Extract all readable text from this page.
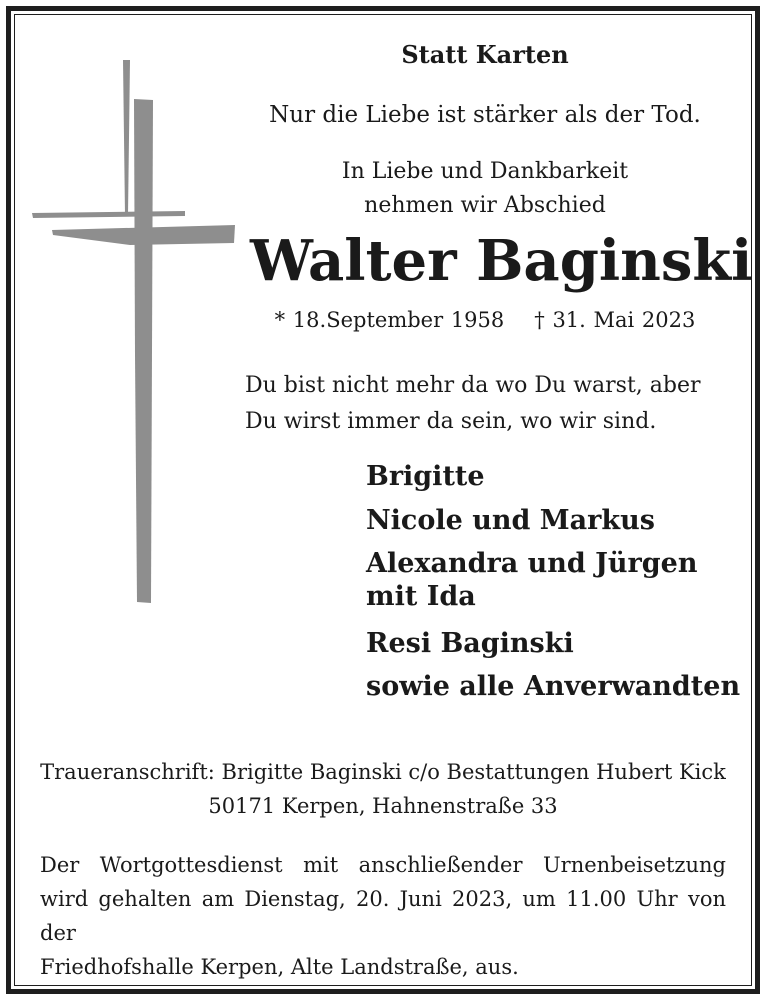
Statt Karten
Nur die Liebe ist stärker als der Tod.
In Liebe und Dankbarkeit
nehmen wir Abschied
Walter Baginski
* 18.September 1958 † 31. Mai 2023
Du bist nicht mehr da wo Du warst, aber
Du wirst immer da sein, wo wir sind.
Brigitte
Nicole und Markus
Alexandra und Jürgen
mit Ida
Resi Baginski
sowie alle Anverwandten
Traueranschrift: Brigitte Baginski c/o Bestattungen Hubert Kick
50171 Kerpen, Hahnenstraße 33
Der Wortgottesdienst mit anschließender Urnenbeisetzung
wird gehalten am Dienstag, 20. Juni 2023, um 11.00 Uhr von der
Friedhofshalle Kerpen, Alte Landstraße, aus.
